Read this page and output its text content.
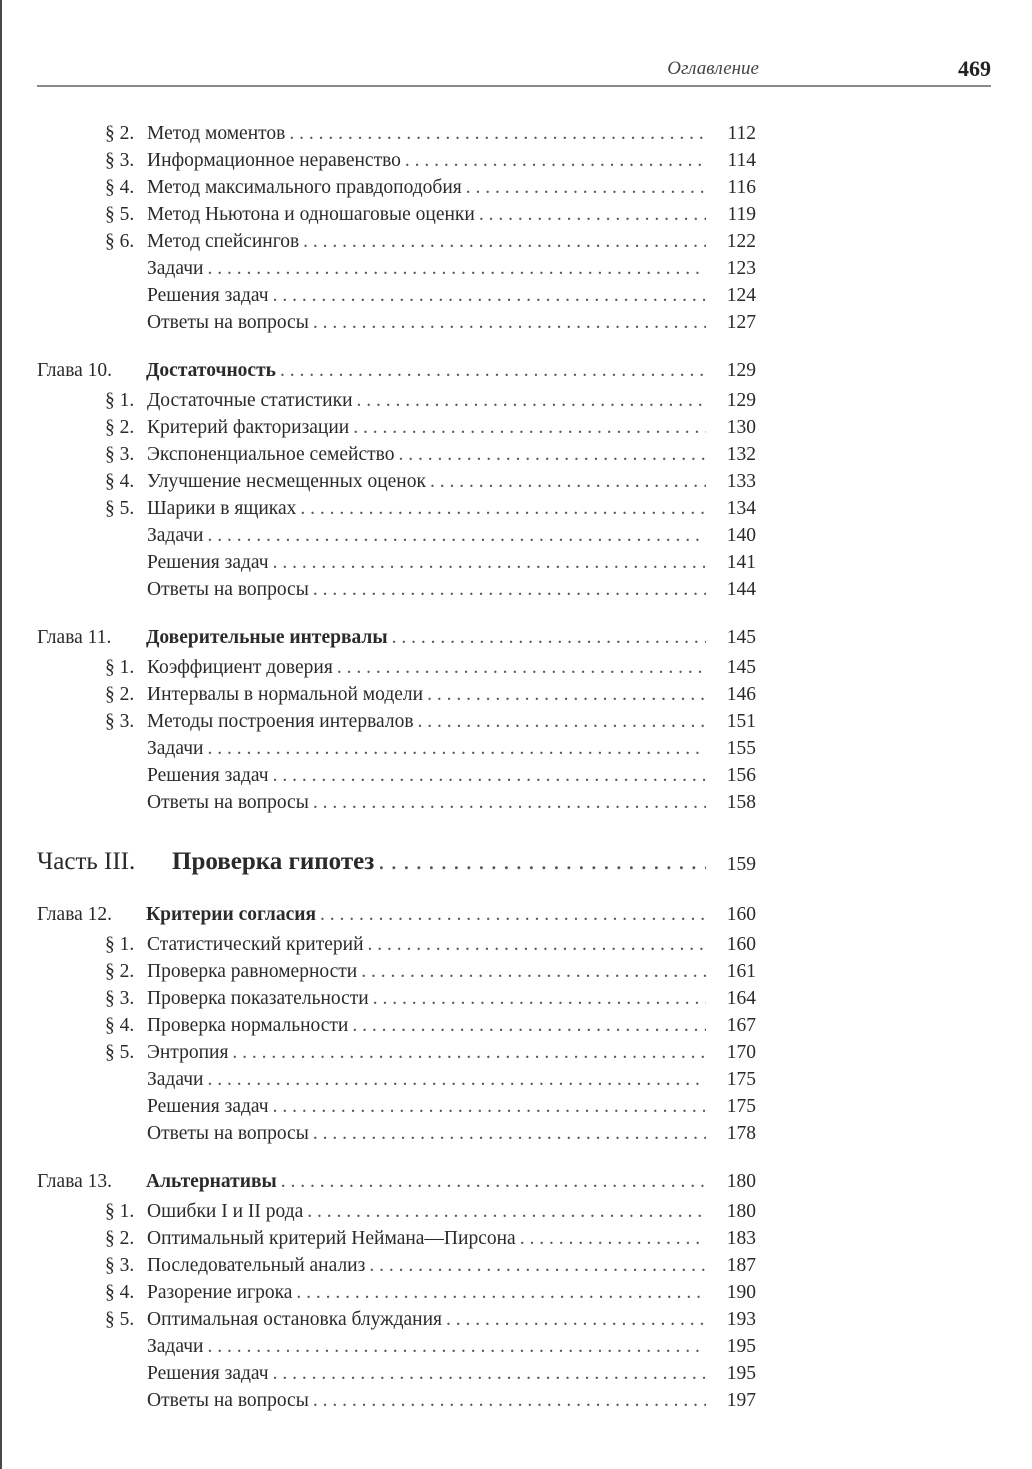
Оглавление	469
§ 2. Метод моментов . . .	112
§ 3. Информационное неравенство . . .	114
§ 4. Метод максимального правдоподобия . . .	116
§ 5. Метод Ньютона и одношаговые оценки . . .	119
§ 6. Метод спейсингов . . .	122
Задачи . . .	123
Решения задач . . .	124
Ответы на вопросы . . .	127
Глава 10.	Достаточность . . .	129
§ 1. Достаточные статистики . . .	129
§ 2. Критерий факторизации . . .	130
§ 3. Экспоненциальное семейство . . .	132
§ 4. Улучшение несмещенных оценок . . .	133
§ 5. Шарики в ящиках . . .	134
Задачи . . .	140
Решения задач . . .	141
Ответы на вопросы . . .	144
Глава 11.	Доверительные интервалы . . .	145
§ 1. Коэффициент доверия . . .	145
§ 2. Интервалы в нормальной модели . . .	146
§ 3. Методы построения интервалов . . .	151
Задачи . . .	155
Решения задач . . .	156
Ответы на вопросы . . .	158
Часть III.	Проверка гипотез . . .	159
Глава 12.	Критерии согласия . . .	160
§ 1. Статистический критерий . . .	160
§ 2. Проверка равномерности . . .	161
§ 3. Проверка показательности . . .	164
§ 4. Проверка нормальности . . .	167
§ 5. Энтропия . . .	170
Задачи . . .	175
Решения задач . . .	175
Ответы на вопросы . . .	178
Глава 13.	Альтернативы . . .	180
§ 1. Ошибки I и II рода . . .	180
§ 2. Оптимальный критерий Неймана—Пирсона . . .	183
§ 3. Последовательный анализ . . .	187
§ 4. Разорение игрока . . .	190
§ 5. Оптимальная остановка блуждания . . .	193
Задачи . . .	195
Решения задач . . .	195
Ответы на вопросы . . .	197
